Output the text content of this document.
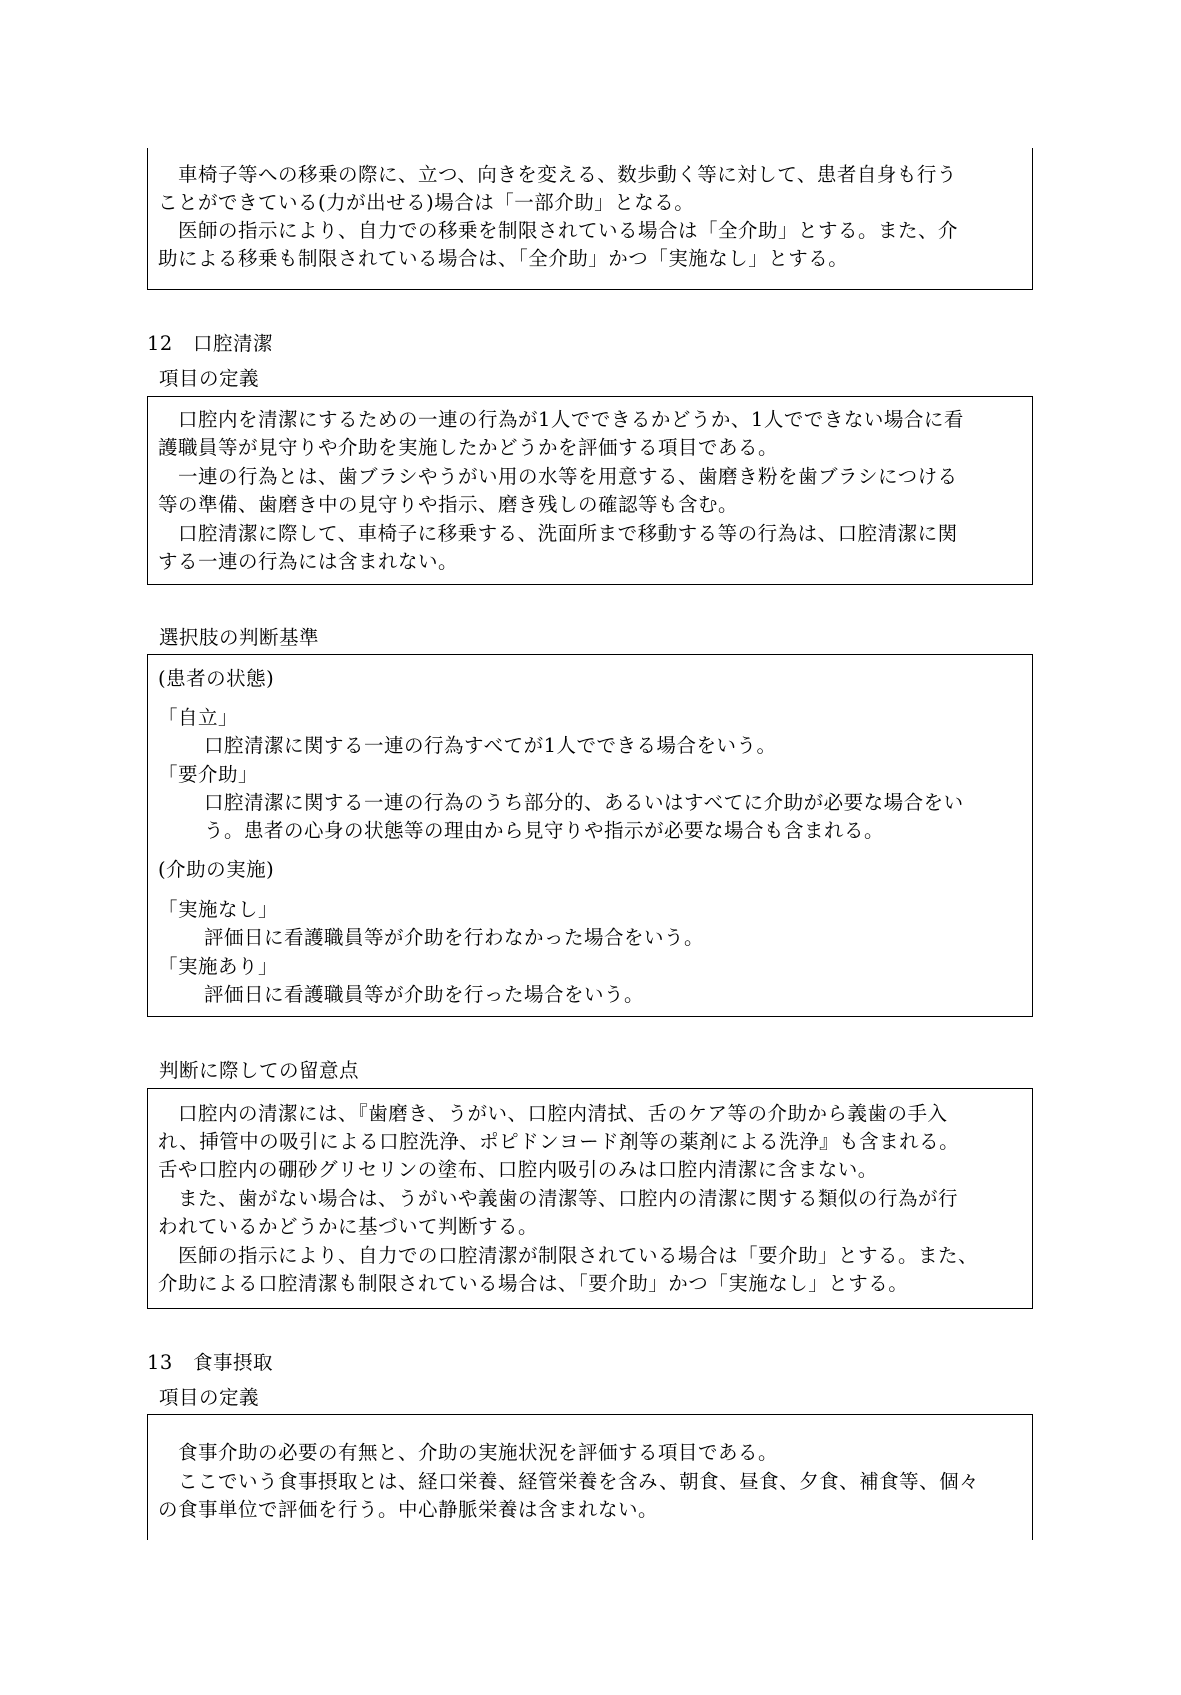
　車椅子等への移乗の際に、立つ、向きを変える、数歩動く等に対して、患者自身も行う
ことができている(力が出せる)場合は「一部介助」となる。
　医師の指示により、自力での移乗を制限されている場合は「全介助」とする。また、介
助による移乗も制限されている場合は、「全介助」かつ「実施なし」とする。
12 口腔清潔
項目の定義
　口腔内を清潔にするための一連の行為が1人でできるかどうか、1人でできない場合に看
護職員等が見守りや介助を実施したかどうかを評価する項目である。
　一連の行為とは、歯ブラシやうがい用の水等を用意する、歯磨き粉を歯ブラシにつける
等の準備、歯磨き中の見守りや指示、磨き残しの確認等も含む。
　口腔清潔に際して、車椅子に移乗する、洗面所まで移動する等の行為は、口腔清潔に関
する一連の行為には含まれない。
選択肢の判断基準
(患者の状態)
「自立」
口腔清潔に関する一連の行為すべてが1人でできる場合をいう。
「要介助」
口腔清潔に関する一連の行為のうち部分的、あるいはすべてに介助が必要な場合をい
う。患者の心身の状態等の理由から見守りや指示が必要な場合も含まれる。
(介助の実施)
「実施なし」
評価日に看護職員等が介助を行わなかった場合をいう。
「実施あり」
評価日に看護職員等が介助を行った場合をいう。
判断に際しての留意点
　口腔内の清潔には、『歯磨き、うがい、口腔内清拭、舌のケア等の介助から義歯の手入
れ、挿管中の吸引による口腔洗浄、ポピドンヨード剤等の薬剤による洗浄』も含まれる。
舌や口腔内の硼砂グリセリンの塗布、口腔内吸引のみは口腔内清潔に含まない。
　また、歯がない場合は、うがいや義歯の清潔等、口腔内の清潔に関する類似の行為が行
われているかどうかに基づいて判断する。
　医師の指示により、自力での口腔清潔が制限されている場合は「要介助」とする。また、
介助による口腔清潔も制限されている場合は、「要介助」かつ「実施なし」とする。
13 食事摂取
項目の定義
　食事介助の必要の有無と、介助の実施状況を評価する項目である。
　ここでいう食事摂取とは、経口栄養、経管栄養を含み、朝食、昼食、夕食、補食等、個々
の食事単位で評価を行う。中心静脈栄養は含まれない。
